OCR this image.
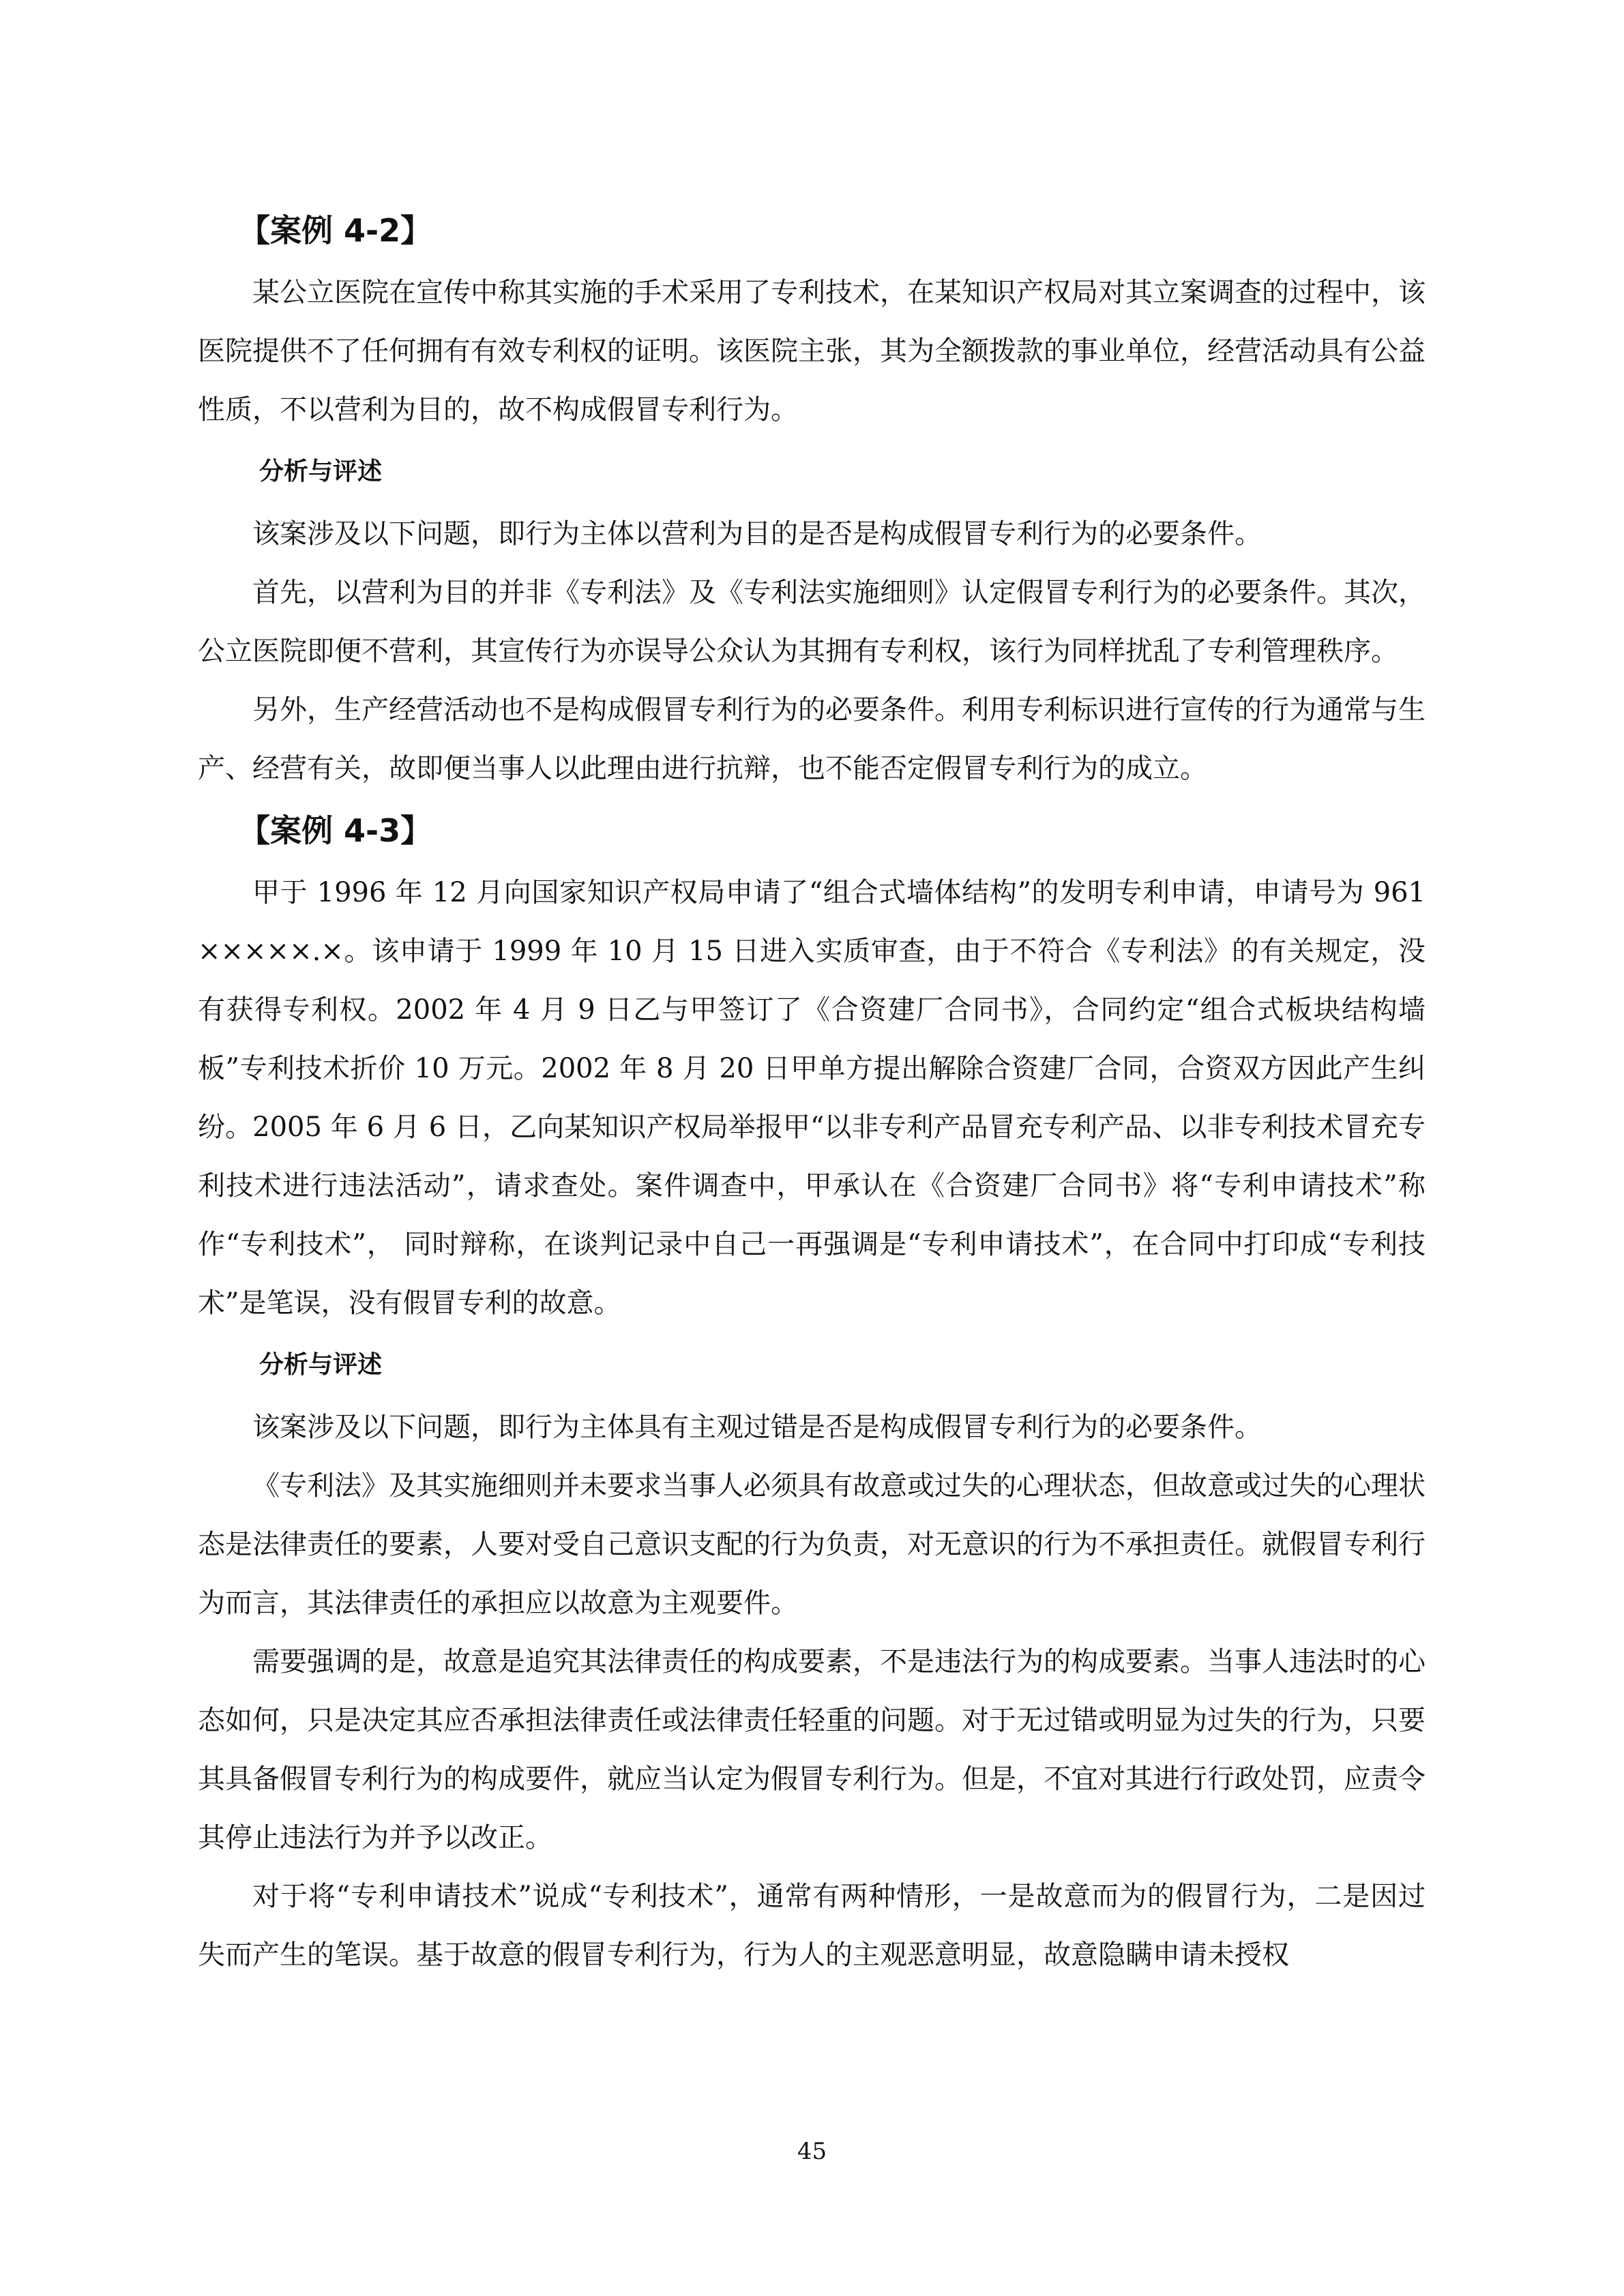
【案例 4-2】

某公立医院在宣传中称其实施的手术采用了专利技术，在某知识产权局对其立案调查的过程中，该医院提供不了任何拥有有效专利权的证明。该医院主张，其为全额拨款的事业单位，经营活动具有公益性质，不以营利为目的，故不构成假冒专利行为。

分析与评述

该案涉及以下问题，即行为主体以营利为目的是否是构成假冒专利行为的必要条件。

首先，以营利为目的并非《专利法》及《专利法实施细则》认定假冒专利行为的必要条件。其次，公立医院即便不营利，其宣传行为亦误导公众认为其拥有专利权，该行为同样扰乱了专利管理秩序。

另外，生产经营活动也不是构成假冒专利行为的必要条件。利用专利标识进行宣传的行为通常与生产、经营有关，故即便当事人以此理由进行抗辩，也不能否定假冒专利行为的成立。

【案例 4-3】

甲于 1996 年 12 月向国家知识产权局申请了“组合式墙体结构”的发明专利申请，申请号为 961×××××.×。该申请于 1999 年 10 月 15 日进入实质审查，由于不符合《专利法》的有关规定，没有获得专利权。2002 年 4 月 9 日乙与甲签订了《合资建厂合同书》，合同约定“组合式板块结构墙板”专利技术折价 10 万元。2002 年 8 月 20 日甲单方提出解除合资建厂合同，合资双方因此产生纠纷。2005 年 6 月 6 日，乙向某知识产权局举报甲“以非专利产品冒充专利产品、以非专利技术冒充专利技术进行违法活动”，请求查处。案件调查中，甲承认在《合资建厂合同书》将“专利申请技术”称作“专利技术”， 同时辩称，在谈判记录中自己一再强调是“专利申请技术”，在合同中打印成“专利技术”是笔误，没有假冒专利的故意。

分析与评述

该案涉及以下问题，即行为主体具有主观过错是否是构成假冒专利行为的必要条件。

《专利法》及其实施细则并未要求当事人必须具有故意或过失的心理状态，但故意或过失的心理状态是法律责任的要素，人要对受自己意识支配的行为负责，对无意识的行为不承担责任。就假冒专利行为而言，其法律责任的承担应以故意为主观要件。

需要强调的是，故意是追究其法律责任的构成要素，不是违法行为的构成要素。当事人违法时的心态如何，只是决定其应否承担法律责任或法律责任轻重的问题。对于无过错或明显为过失的行为，只要其具备假冒专利行为的构成要件，就应当认定为假冒专利行为。但是，不宜对其进行行政处罚，应责令其停止违法行为并予以改正。

对于将“专利申请技术”说成“专利技术”，通常有两种情形，一是故意而为的假冒行为，二是因过失而产生的笔误。基于故意的假冒专利行为，行为人的主观恶意明显，故意隐瞒申请未授权

45
